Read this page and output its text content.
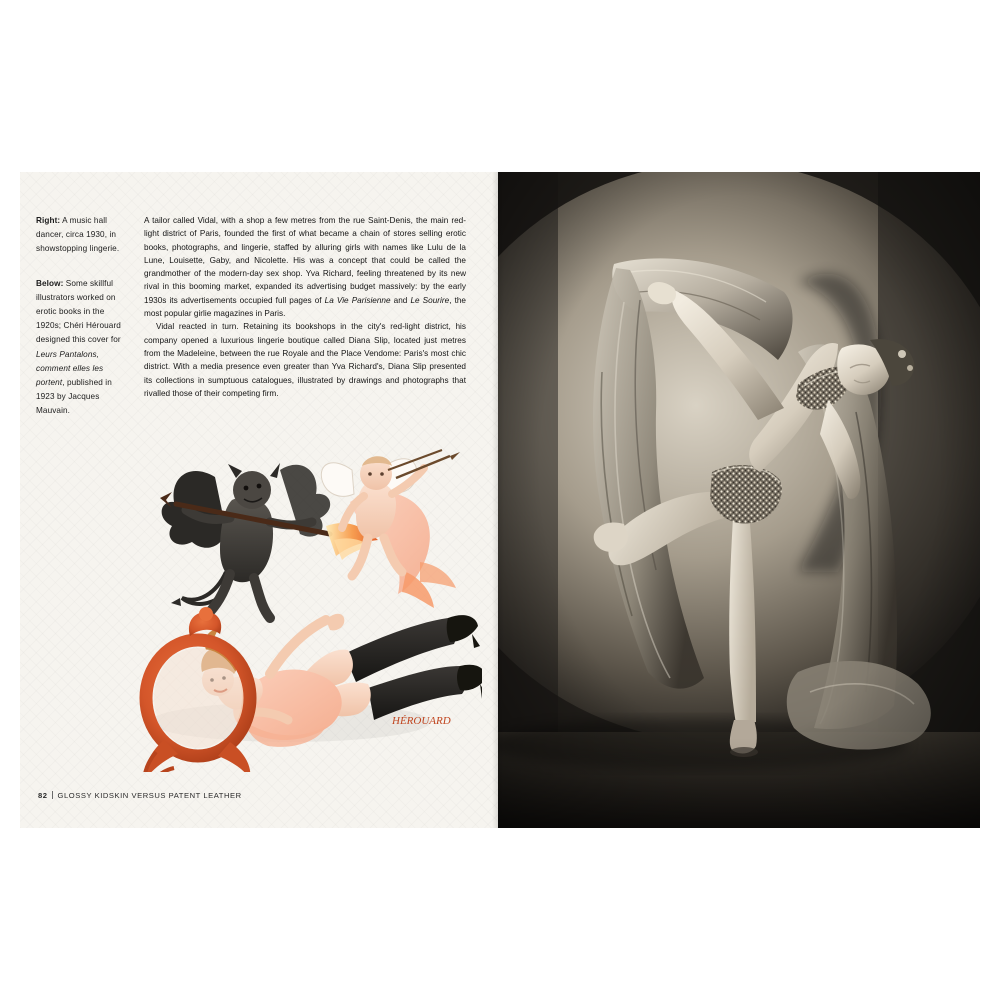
Right: A music hall dancer, circa 1930, in showstopping lingerie.
Below: Some skillful illustrators worked on erotic books in the 1920s; Chéri Hérouard designed this cover for Leurs Pantalons, comment elles les portent, published in 1923 by Jacques Mauvain.

A tailor called Vidal, with a shop a few metres from the rue Saint-Denis, the main red-light district of Paris, founded the first of what became a chain of stores selling erotic books, photographs, and lingerie, staffed by alluring girls with names like Lulu de la Lune, Louisette, Gaby, and Nicolette. His was a concept that could be called the grandmother of the modern-day sex shop. Yva Richard, feeling threatened by its new rival in this booming market, expanded its advertising budget massively: by the early 1930s its advertisements occupied full pages of La Vie Parisienne and Le Sourire, the most popular girlie magazines in Paris.

Vidal reacted in turn. Retaining its bookshops in the city's red-light district, his company opened a luxurious lingerie boutique called Diana Slip, located just metres from the Madeleine, between the rue Royale and the Place Vendome: Paris's most chic district. With a media presence even greater than Yva Richard's, Diana Slip presented its collections in sumptuous catalogues, illustrated by drawings and photographs that rivalled those of their competing firm.

HÉROUARD
82 GLOSSY KIDSKIN VERSUS PATENT LEATHER
